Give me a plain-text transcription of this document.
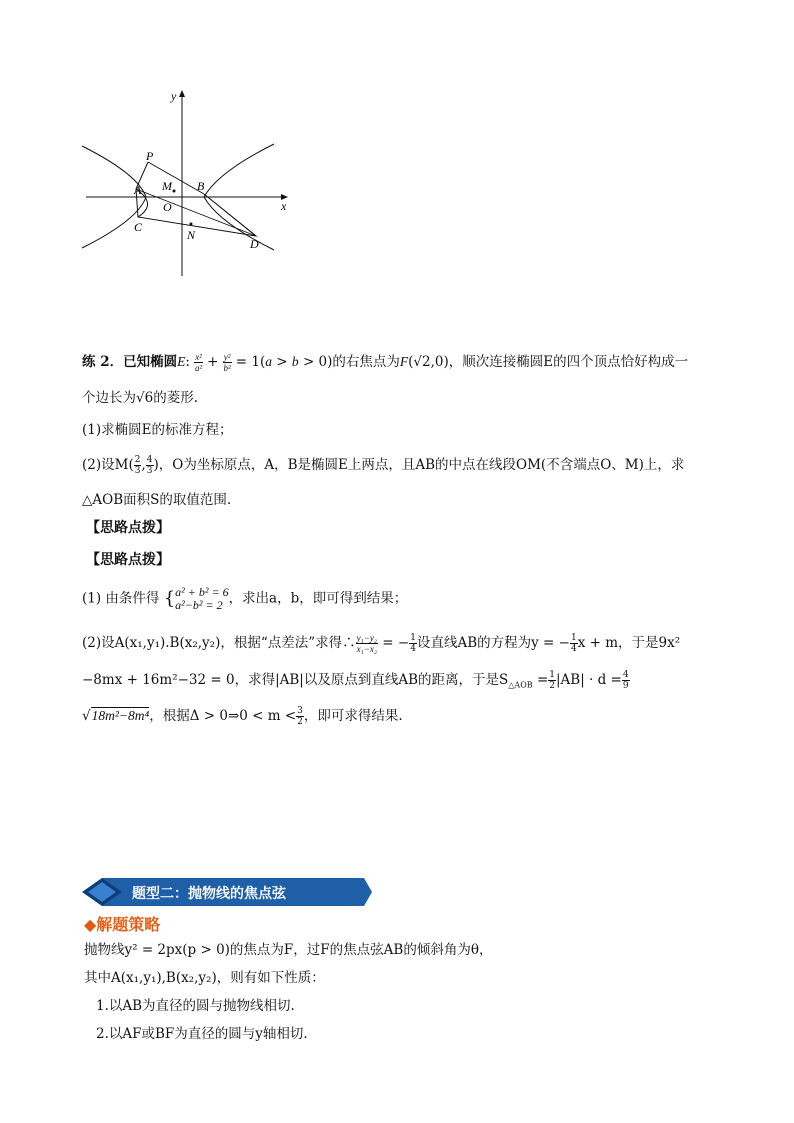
y
x
P
A M B
O
C
N
D
练 2．已知椭圆E: $\frac{\text{x²}}{\text{a²}} + \frac{\text{y²}}{\text{b²}} = 1(a > b > 0)$的右焦点为F(√2,0)，顺次连接椭圆E的四个顶点恰好构成一
个边长为√6的菱形.
(1)求椭圆E的标准方程；
(2)设$M( \frac{2}{3}$ , $\frac{4}{3}$ )，O为坐标原点，A，B是椭圆E上两点，且AB的中点在线段OM(不含端点O、M)上，求
△AOB面积S的取值范围.
【思路点拨】
【思路点拨】
(1) 由条件得 { a² + b² = 6
a²−b² = 2 ，求出a，b，即可得到结果；
(2)设A(x₁,y₁).B(x₂,y₂)，根据“点差法”求得∴ $\frac{\text{y₁−y₂}}{\text{x₁−x₂}}$ = − $\frac{1}{4}$ 设直线AB的方程为y = − $\frac{1}{4}$ x + m，于是9x²
−8mx + 16m²−32 = 0，求得|AB|以及原点到直线AB的距离，于是$S_{\triangle AOB} = \frac{1}{2} |AB| \cdot d = \frac{4}{9}$
√18m²−8m⁴，根据Δ > 0⇒0 < $m < \frac{3}{2}$ ，即可求得结果.
题型二：抛物线的焦点弦
◆解题策略
抛物线y² = 2px(p > 0)的焦点为F，过F的焦点弦AB的倾斜角为θ，
其中A(x₁,y₁),B(x₂,y₂)，则有如下性质：
1.以AB为直径的圆与抛物线相切.
2.以AF或BF为直径的圆与y轴相切.
